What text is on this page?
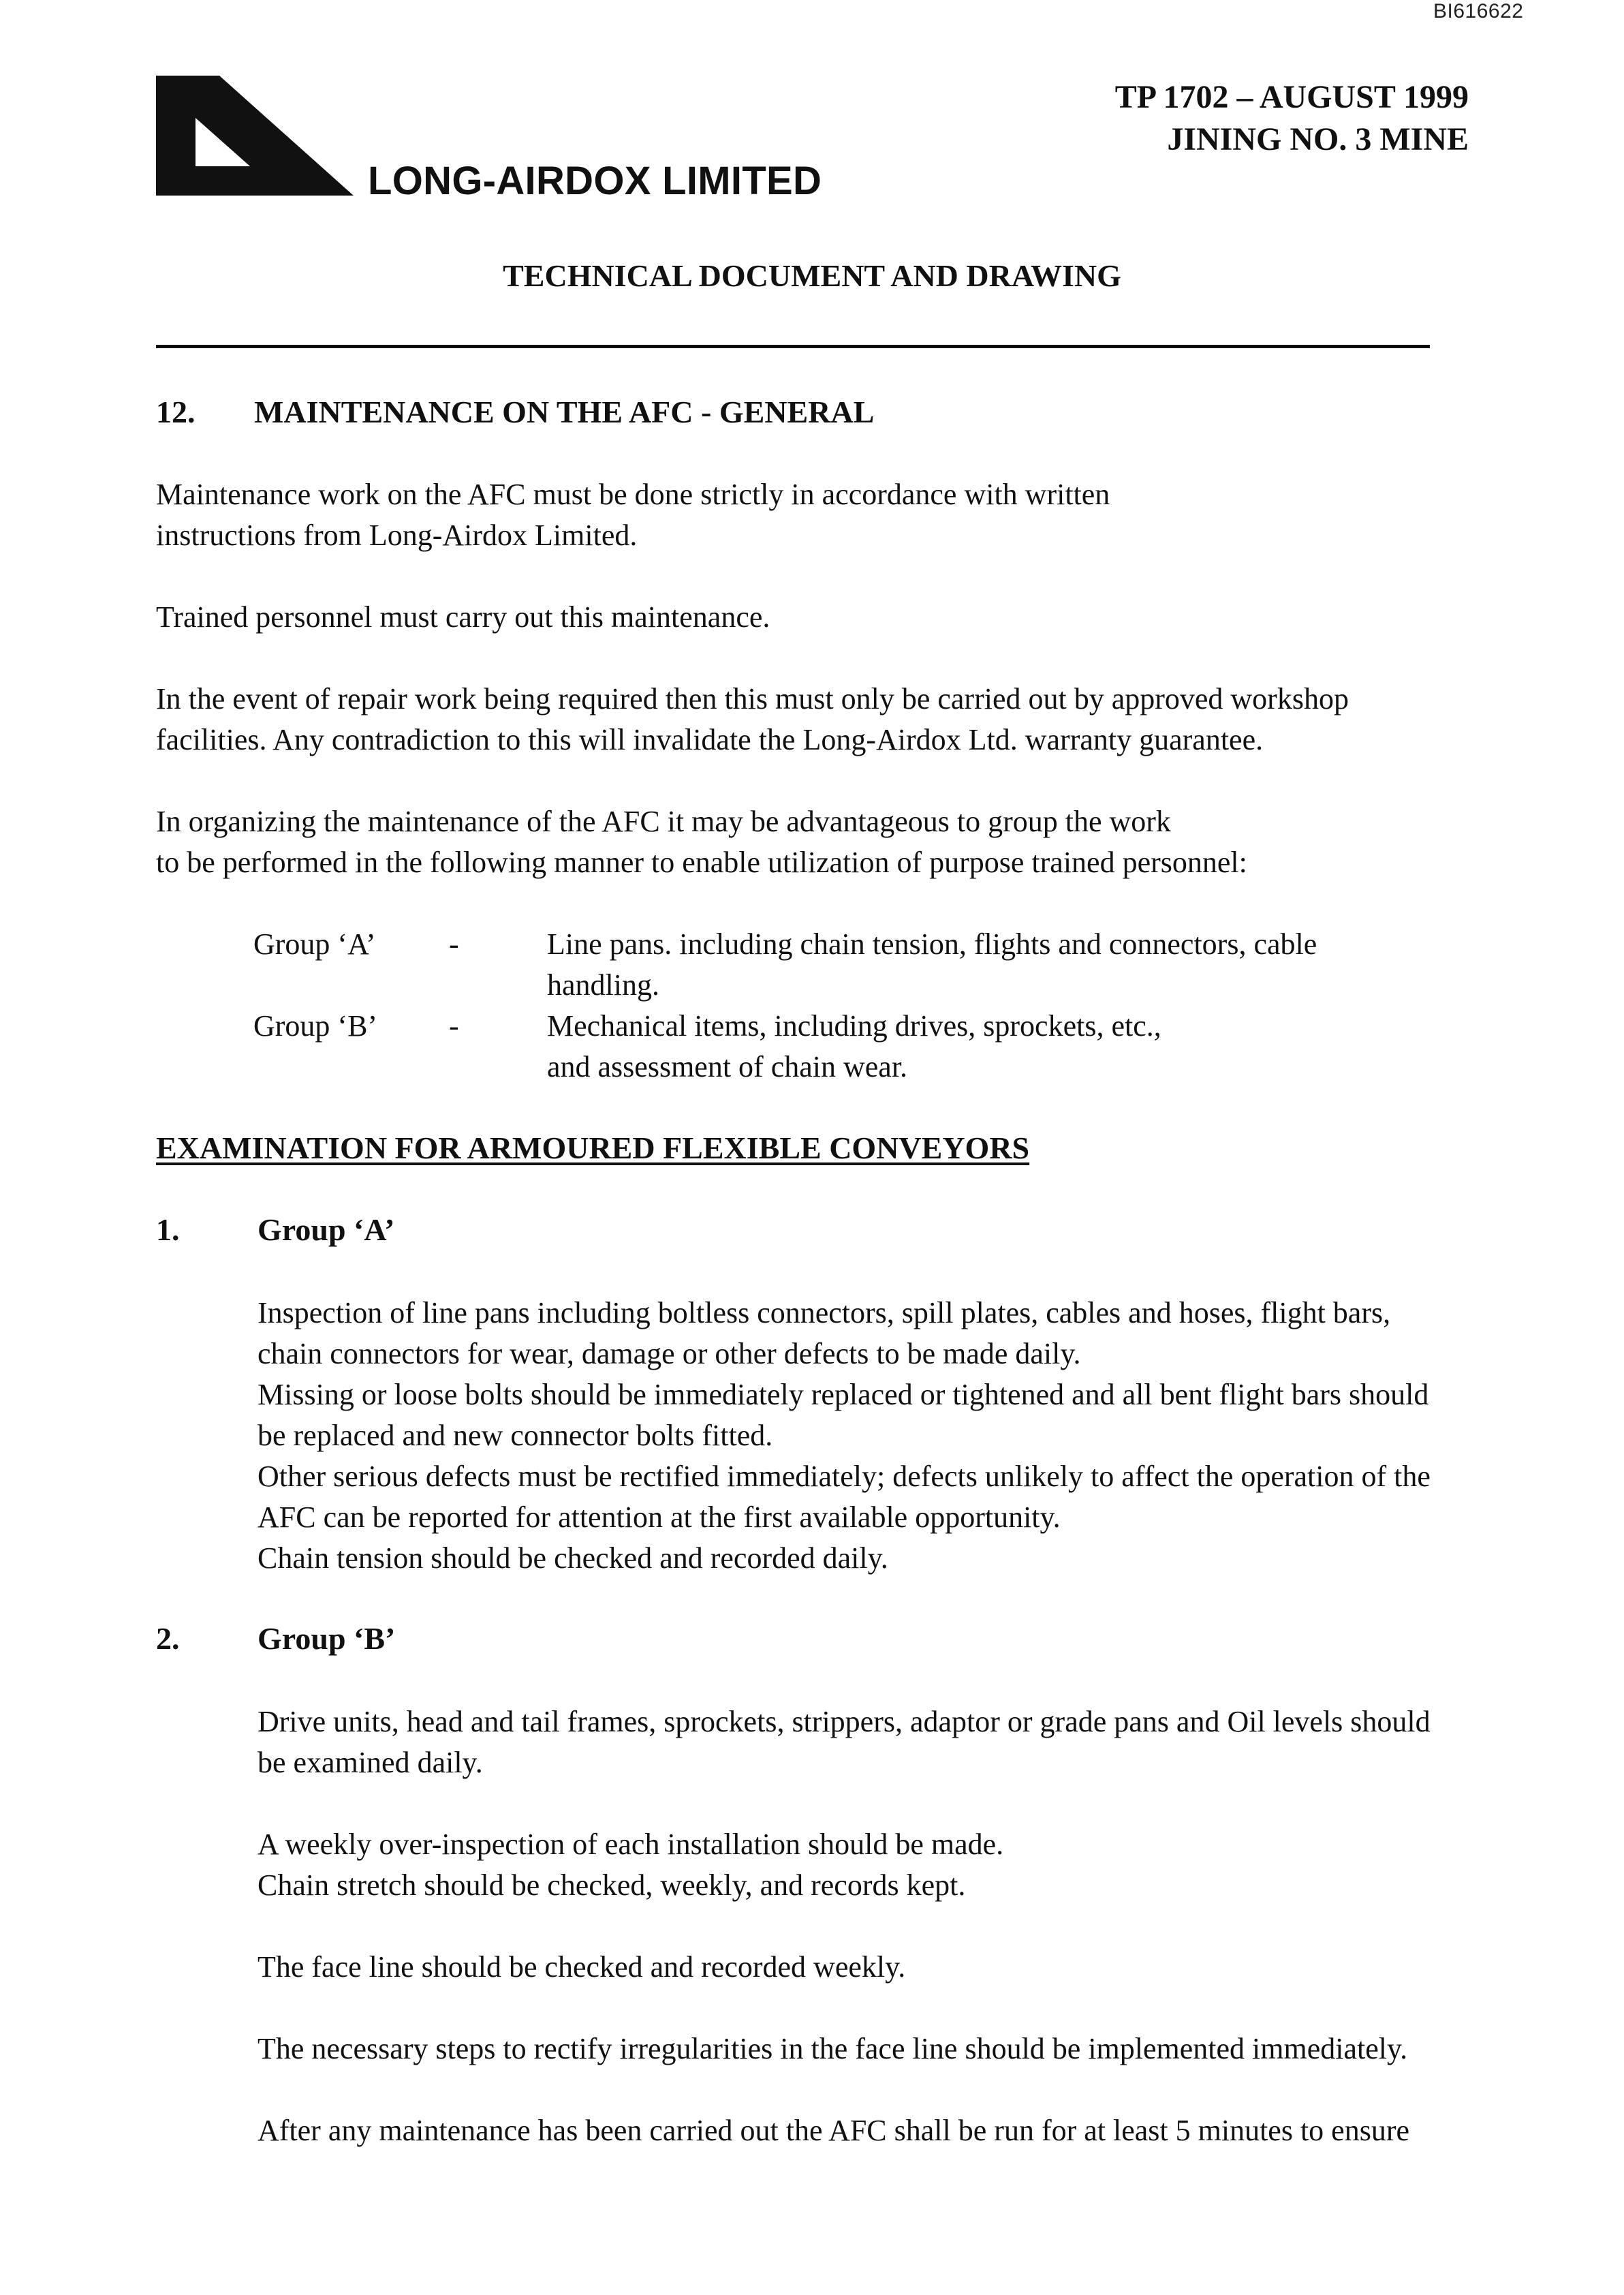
BI616622
LONG-AIRDOX LIMITED
TP 1702 – AUGUST 1999
JINING NO. 3 MINE
TECHNICAL DOCUMENT AND DRAWING
12. MAINTENANCE ON THE AFC - GENERAL
Maintenance work on the AFC must be done strictly in accordance with written
instructions from Long-Airdox Limited.
Trained personnel must carry out this maintenance.
In the event of repair work being required then this must only be carried out by approved workshop
facilities. Any contradiction to this will invalidate the Long-Airdox Ltd. warranty guarantee.
In organizing the maintenance of the AFC it may be advantageous to group the work
to be performed in the following manner to enable utilization of purpose trained personnel:
Group ‘A’ -	Line pans. including chain tension, flights and connectors, cable
handling.
Group ‘B’ -	Mechanical items, including drives, sprockets, etc.,
and assessment of chain wear.
EXAMINATION FOR ARMOURED FLEXIBLE CONVEYORS
1. Group ‘A’
Inspection of line pans including boltless connectors, spill plates, cables and hoses, flight bars,
chain connectors for wear, damage or other defects to be made daily.
Missing or loose bolts should be immediately replaced or tightened and all bent flight bars should
be replaced and new connector bolts fitted.
Other serious defects must be rectified immediately; defects unlikely to affect the operation of the
AFC can be reported for attention at the first available opportunity.
Chain tension should be checked and recorded daily.
2. Group ‘B’
Drive units, head and tail frames, sprockets, strippers, adaptor or grade pans and Oil levels should
be examined daily.
A weekly over-inspection of each installation should be made.
Chain stretch should be checked, weekly, and records kept.
The face line should be checked and recorded weekly.
The necessary steps to rectify irregularities in the face line should be implemented immediately.
After any maintenance has been carried out the AFC shall be run for at least 5 minutes to ensure
